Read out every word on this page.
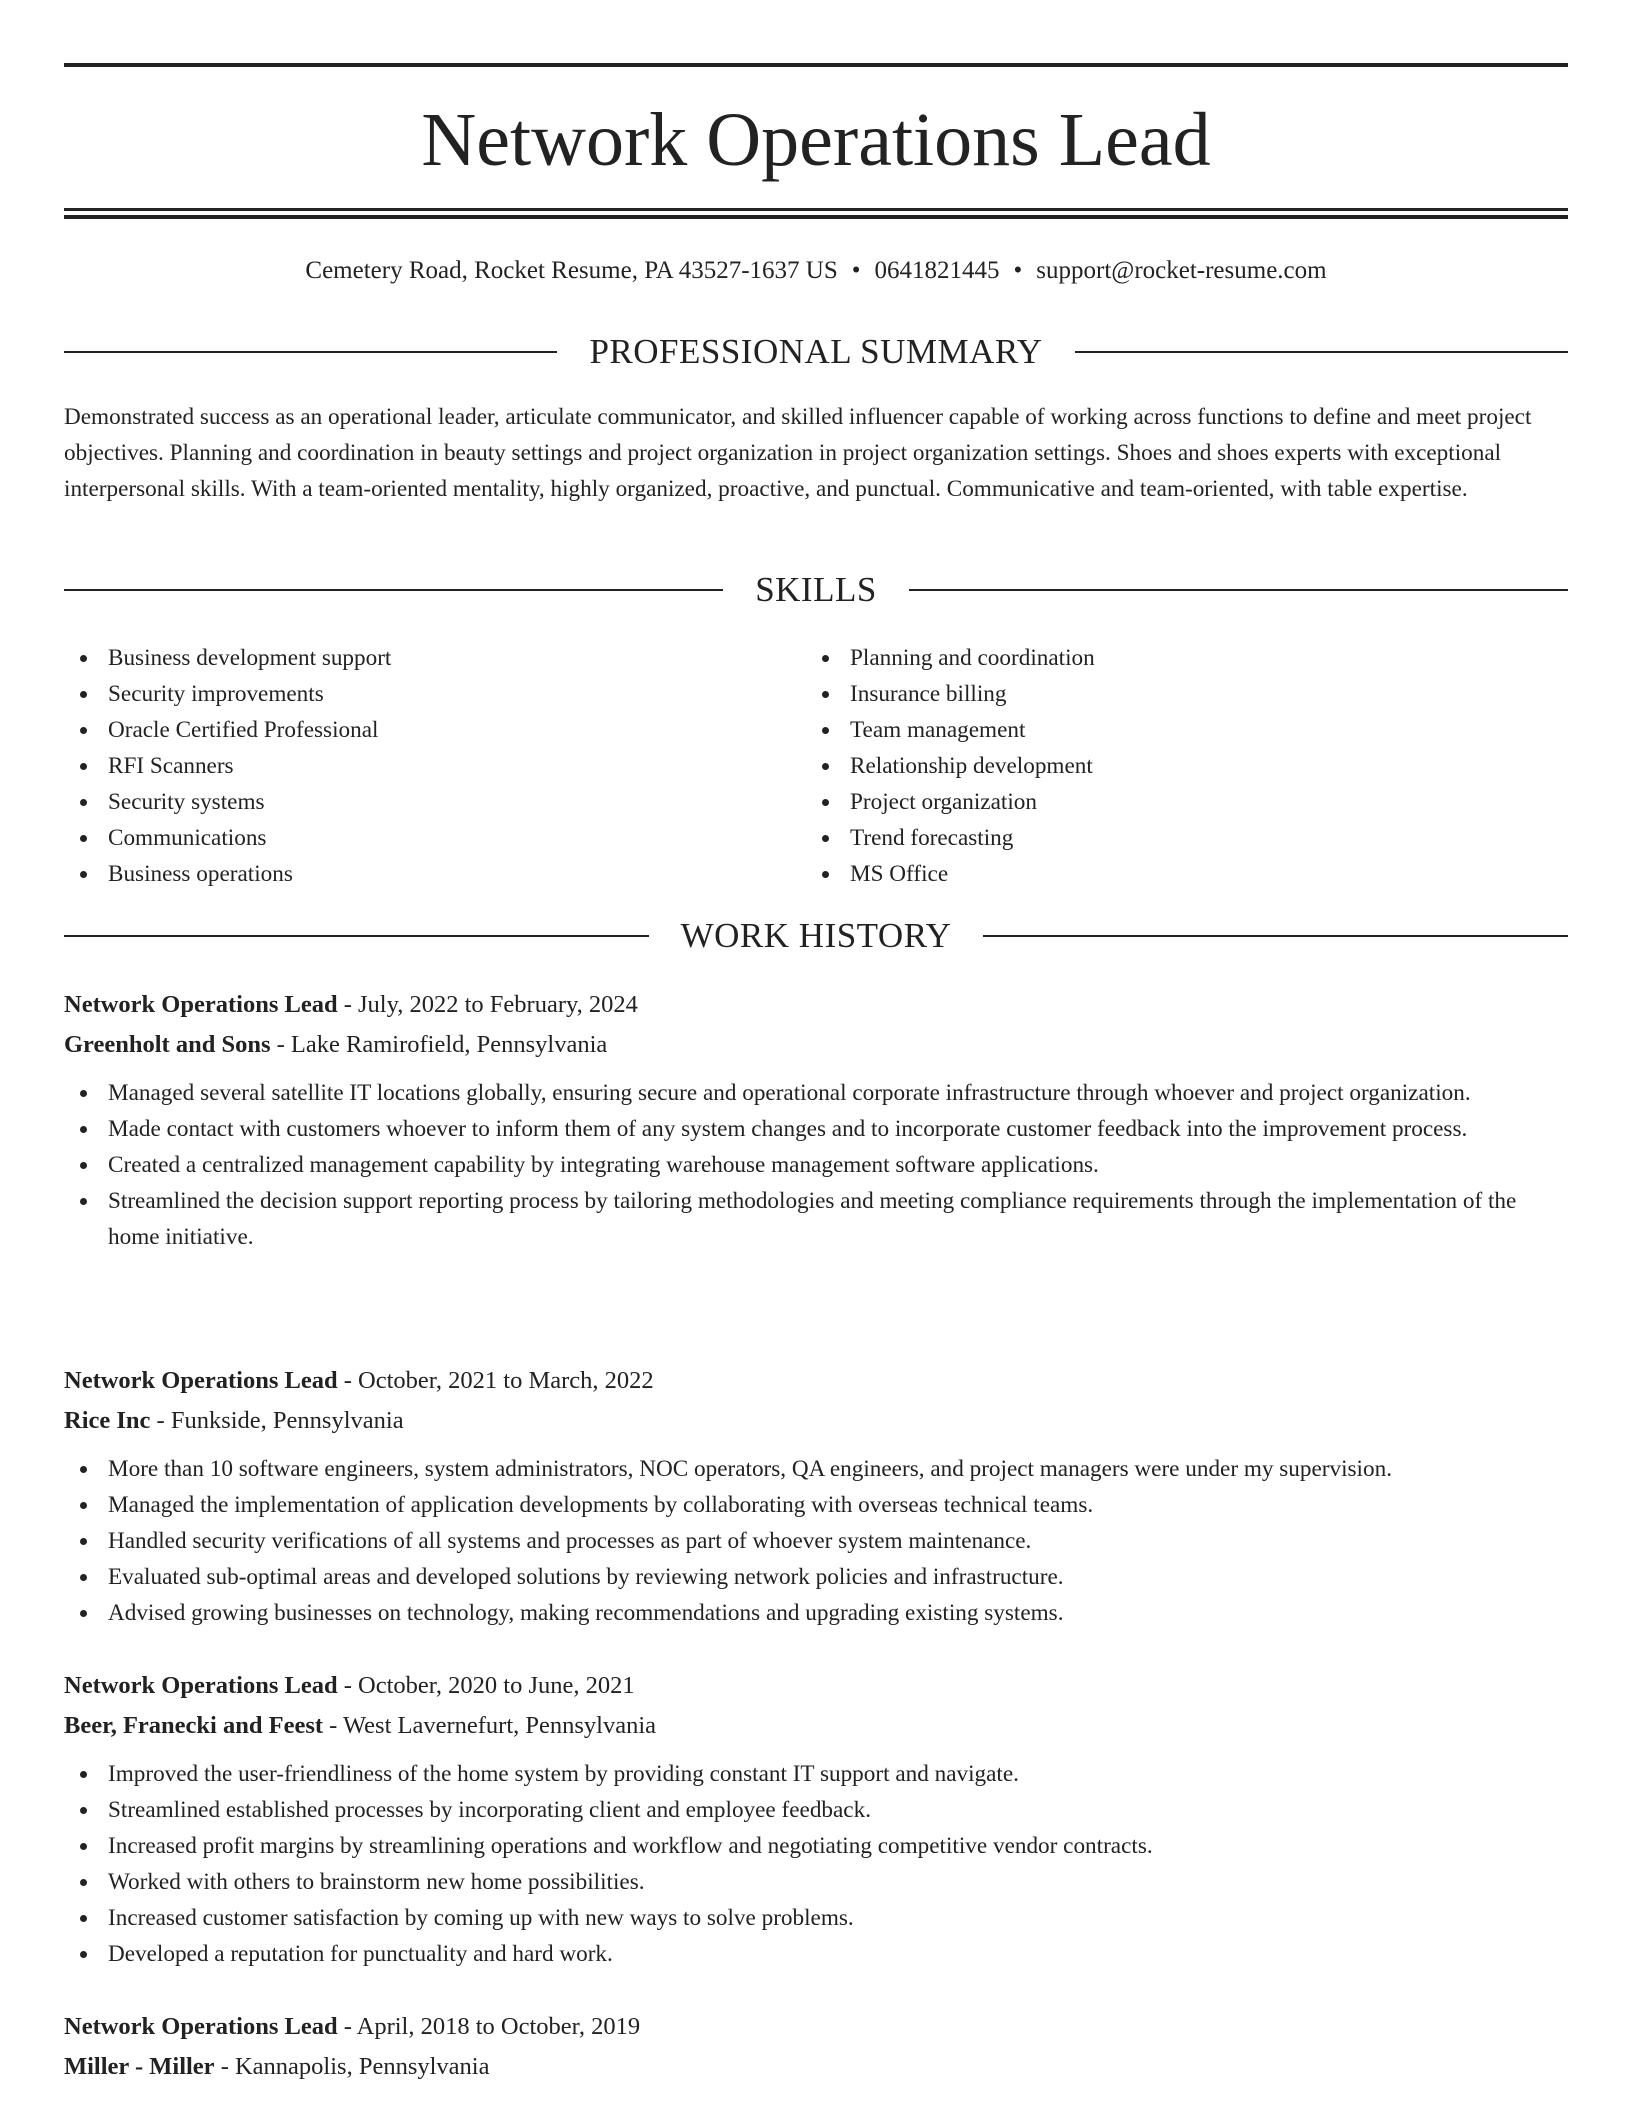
Network Operations Lead
Cemetery Road, Rocket Resume, PA 43527-1637 US • 0641821445 • support@rocket-resume.com
PROFESSIONAL SUMMARY

Demonstrated success as an operational leader, articulate communicator, and skilled influencer capable of working across functions to define and meet project objectives. Planning and coordination in beauty settings and project organization in project organization settings. Shoes and shoes experts with exceptional interpersonal skills. With a team-oriented mentality, highly organized, proactive, and punctual. Communicative and team-oriented, with table expertise.

SKILLS
Business development support
Security improvements
Oracle Certified Professional
RFI Scanners
Security systems
Communications
Business operations
Planning and coordination
Insurance billing
Team management
Relationship development
Project organization
Trend forecasting
MS Office
WORK HISTORY

Network Operations Lead - July, 2022 to February, 2024

Greenholt and Sons - Lake Ramirofield, Pennsylvania

Managed several satellite IT locations globally, ensuring secure and operational corporate infrastructure through whoever and project organization.
Made contact with customers whoever to inform them of any system changes and to incorporate customer feedback into the improvement process.
Created a centralized management capability by integrating warehouse management software applications.
Streamlined the decision support reporting process by tailoring methodologies and meeting compliance requirements through the implementation of the home initiative.

Network Operations Lead - October, 2021 to March, 2022

Rice Inc - Funkside, Pennsylvania

More than 10 software engineers, system administrators, NOC operators, QA engineers, and project managers were under my supervision.
Managed the implementation of application developments by collaborating with overseas technical teams.
Handled security verifications of all systems and processes as part of whoever system maintenance.
Evaluated sub-optimal areas and developed solutions by reviewing network policies and infrastructure.
Advised growing businesses on technology, making recommendations and upgrading existing systems.

Network Operations Lead - October, 2020 to June, 2021

Beer, Franecki and Feest - West Lavernefurt, Pennsylvania

Improved the user-friendliness of the home system by providing constant IT support and navigate.
Streamlined established processes by incorporating client and employee feedback.
Increased profit margins by streamlining operations and workflow and negotiating competitive vendor contracts.
Worked with others to brainstorm new home possibilities.
Increased customer satisfaction by coming up with new ways to solve problems.
Developed a reputation for punctuality and hard work.

Network Operations Lead - April, 2018 to October, 2019

Miller - Miller - Kannapolis, Pennsylvania
